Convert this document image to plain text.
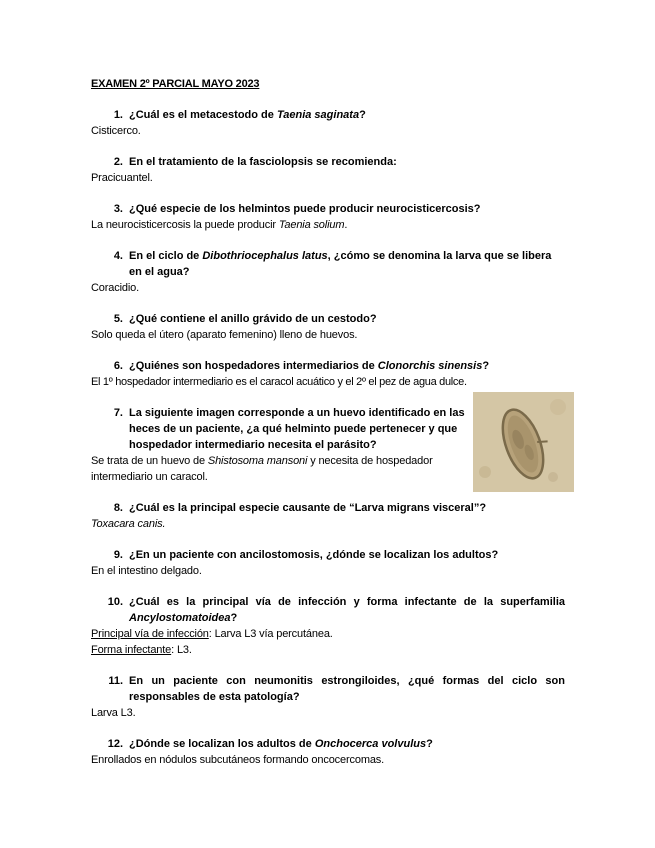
EXAMEN 2º PARCIAL MAYO 2023
1. ¿Cuál es el metacestodo de Taenia saginata?
Cisticerco.
2. En el tratamiento de la fasciolopsis se recomienda:
Pracicuantel.
3. ¿Qué especie de los helmintos puede producir neurocisticercosis?
La neurocisticercosis la puede producir Taenia solium.
4. En el ciclo de Dibothriocephalus latus, ¿cómo se denomina la larva que se libera en el agua?
Coracidio.
5. ¿Qué contiene el anillo grávido de un cestodo?
Solo queda el útero (aparato femenino) lleno de huevos.
6. ¿Quiénes son hospedadores intermediarios de Clonorchis sinensis?
El 1º hospedador intermediario es el caracol acuático y el 2º el pez de agua dulce.
7. La siguiente imagen corresponde a un huevo identificado en las heces de un paciente, ¿a qué helminto puede pertenecer y que hospedador intermediario necesita el parásito?
Se trata de un huevo de Shistosoma mansoni y necesita de hospedador intermediario un caracol.
8. ¿Cuál es la principal especie causante de “Larva migrans visceral”?
Toxacara canis.
9. ¿En un paciente con ancilostomosis, ¿dónde se localizan los adultos?
En el intestino delgado.
10. ¿Cuál es la principal vía de infección y forma infectante de la superfamilia Ancylostomatoidea?
Principal vía de infección: Larva L3 vía percutánea.
Forma infectante: L3.
11. En un paciente con neumonitis estrongiloides, ¿qué formas del ciclo son responsables de esta patología?
Larva L3.
12. ¿Dónde se localizan los adultos de Onchocerca volvulus?
Enrollados en nódulos subcutáneos formando oncocercomas.
